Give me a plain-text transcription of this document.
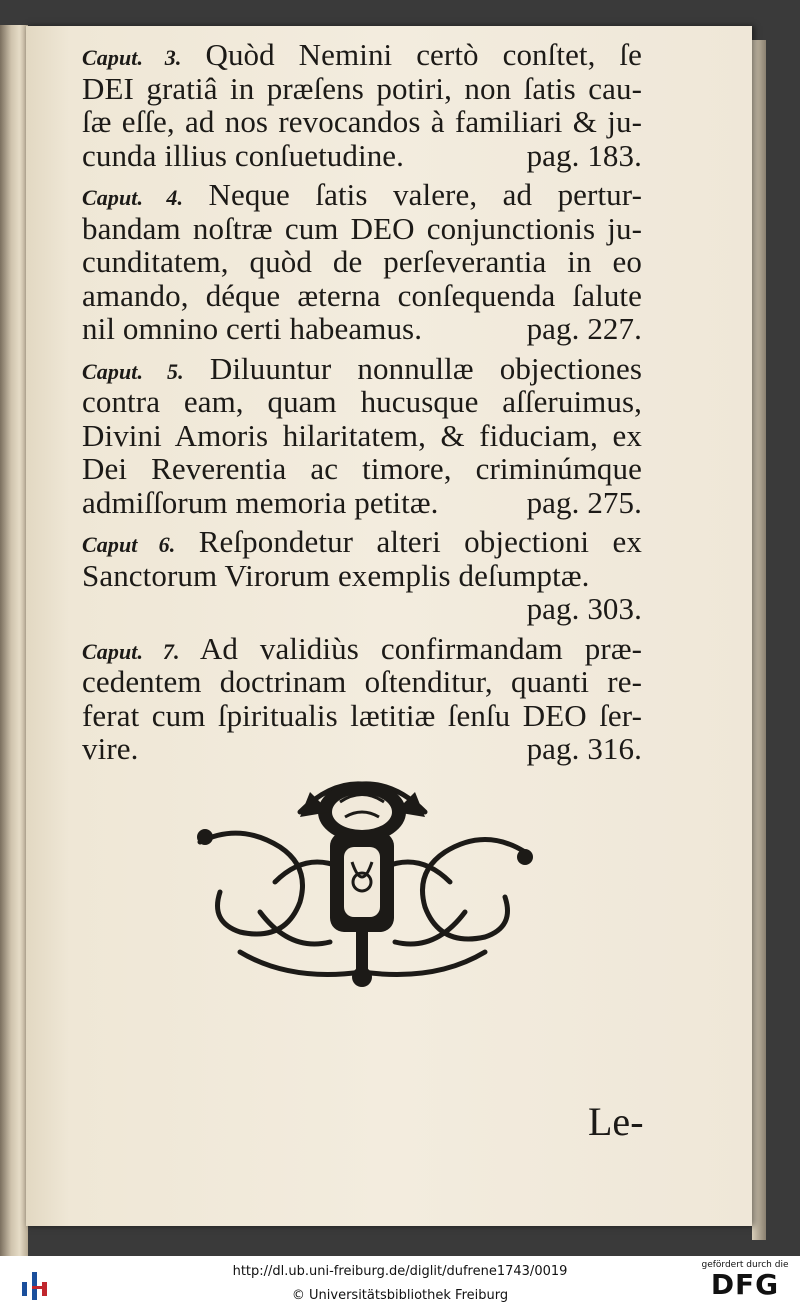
Caput. 3. Quòd Nemini certò conſtet, ſe
DEI gratiâ in præſens potiri, non ſatis cau-
ſæ eſſe, ad nos revocandos à familiari & ju-
cunda illius conſuetudine.	pag. 183.
Caput. 4. Neque ſatis valere, ad pertur-
bandam noſtræ cum DEO conjunctionis ju-
cunditatem, quòd de perſeverantia in eo
amando, déque æterna conſequenda ſalute
nil omnino certi habeamus.	pag. 227.
Caput. 5. Diluuntur nonnullæ objectiones
contra eam, quam hucusque aſſeruimus,
Divini Amoris hilaritatem, & fiduciam, ex
Dei Reverentia ac timore, criminúmque
admiſſorum memoria petitæ.	pag. 275.
Caput 6. Reſpondetur alteri objectioni ex
Sanctorum Virorum exemplis deſumptæ.
pag. 303.
Caput. 7. Ad validiùs confirmandam præ-
cedentem doctrinam oſtenditur, quanti re-
ferat cum ſpiritualis lætitiæ ſenſu DEO ſer-
vire.	pag. 316.
Le-
http://dl.ub.uni-freiburg.de/diglit/dufrene1743/0019
© Universitätsbibliothek Freiburg
gefördert durch die
DFG
